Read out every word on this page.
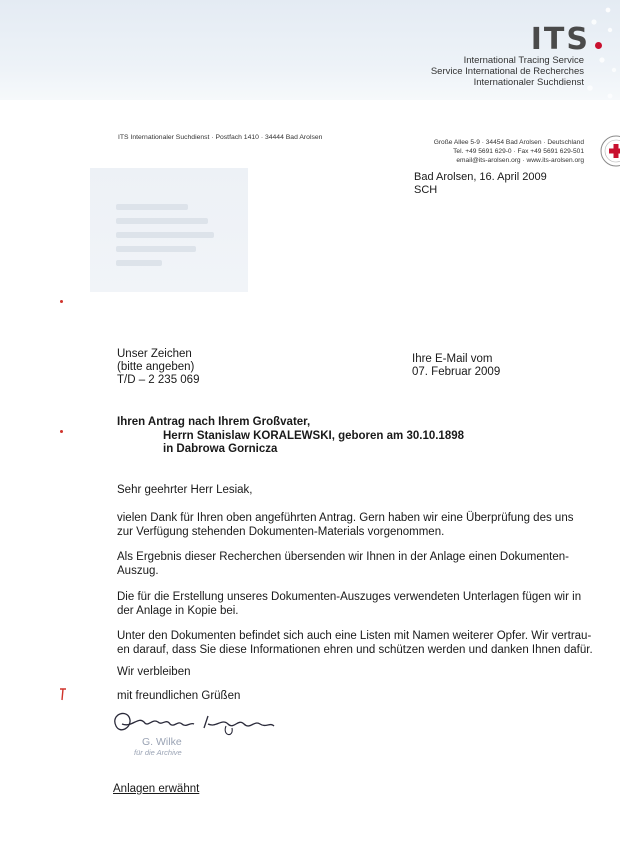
ITS
International Tracing Service
Service International de Recherches
Internationaler Suchdienst
ITS Internationaler Suchdienst · Postfach 1410 · 34444 Bad Arolsen
Große Allee 5-9 · 34454 Bad Arolsen · Deutschland
Tel. +49 5691 629-0 · Fax +49 5691 629-501
email@its-arolsen.org · www.its-arolsen.org
Bad Arolsen, 16. April 2009
SCH
Unser Zeichen
(bitte angeben)
T/D – 2 235 069
Ihre E-Mail vom
07. Februar 2009
Ihren Antrag nach Ihrem Großvater,
Herrn Stanislaw KORALEWSKI, geboren am 30.10.1898
in Dabrowa Gornicza
Sehr geehrter Herr Lesiak,
vielen Dank für Ihren oben angeführten Antrag. Gern haben wir eine Überprüfung des uns
zur Verfügung stehenden Dokumenten-Materials vorgenommen.
Als Ergebnis dieser Recherchen übersenden wir Ihnen in der Anlage einen Dokumenten-
Auszug.
Die für die Erstellung unseres Dokumenten-Auszuges verwendeten Unterlagen fügen wir in
der Anlage in Kopie bei.
Unter den Dokumenten befindet sich auch eine Listen mit Namen weiterer Opfer. Wir vertrau-
en darauf, dass Sie diese Informationen ehren und schützen werden und danken Ihnen dafür.
Wir verbleiben
mit freundlichen Grüßen
G. Wilke
für die Archive
Anlagen erwähnt
